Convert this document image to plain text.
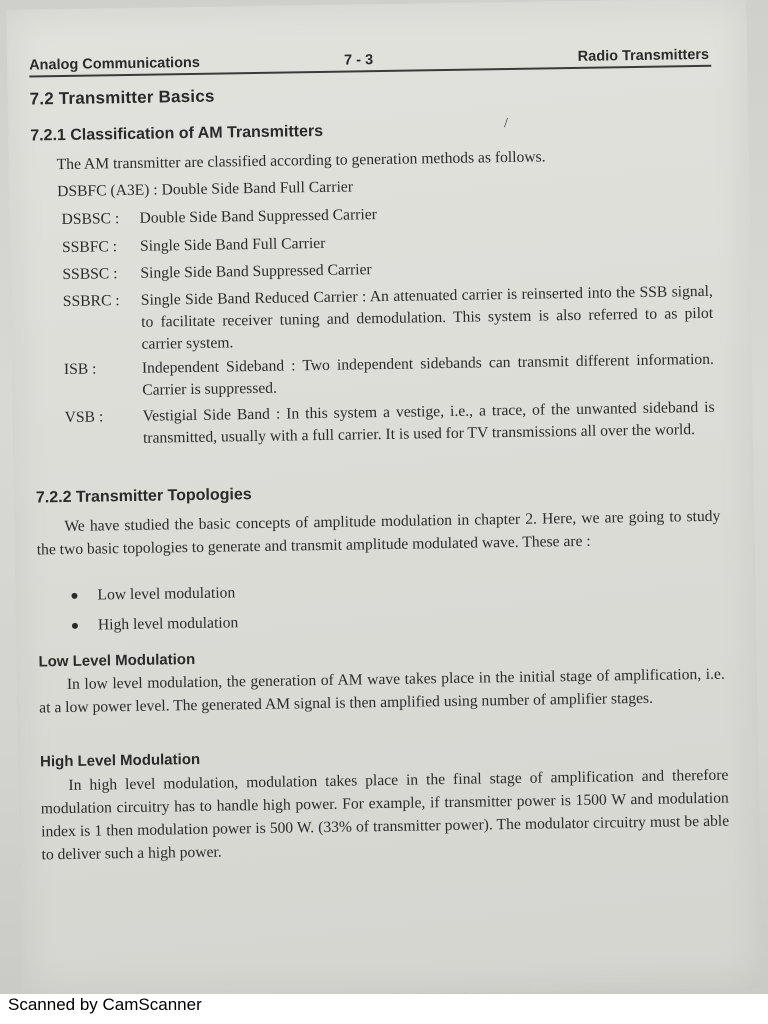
Analog Communications	7 - 3	Radio Transmitters
7.2 Transmitter Basics
7.2.1 Classification of AM Transmitters	/
The AM transmitter are classified according to generation methods as follows.
DSBFC (A3E) : Double Side Band Full Carrier
DSBSC : Double Side Band Suppressed Carrier
SSBFC : Single Side Band Full Carrier
SSBSC : Single Side Band Suppressed Carrier
SSBRC : Single Side Band Reduced Carrier : An attenuated carrier is reinserted into the SSB signal, to facilitate receiver tuning and demodulation. This system is also referred to as pilot carrier system.
ISB :	Independent Sideband : Two independent sidebands can transmit different information. Carrier is suppressed.
VSB :	Vestigial Side Band : In this system a vestige, i.e., a trace, of the unwanted sideband is transmitted, usually with a full carrier. It is used for TV transmissions all over the world.
7.2.2 Transmitter Topologies
We have studied the basic concepts of amplitude modulation in chapter 2. Here, we are going to study the two basic topologies to generate and transmit amplitude modulated wave. These are :
Low level modulation
High level modulation
Low Level Modulation
In low level modulation, the generation of AM wave takes place in the initial stage of amplification, i.e. at a low power level. The generated AM signal is then amplified using number of amplifier stages.
High Level Modulation
In high level modulation, modulation takes place in the final stage of amplification and therefore modulation circuitry has to handle high power. For example, if transmitter power is 1500 W and modulation index is 1 then modulation power is 500 W. (33% of transmitter power). The modulator circuitry must be able to deliver such a high power.
Scanned by CamScanner
